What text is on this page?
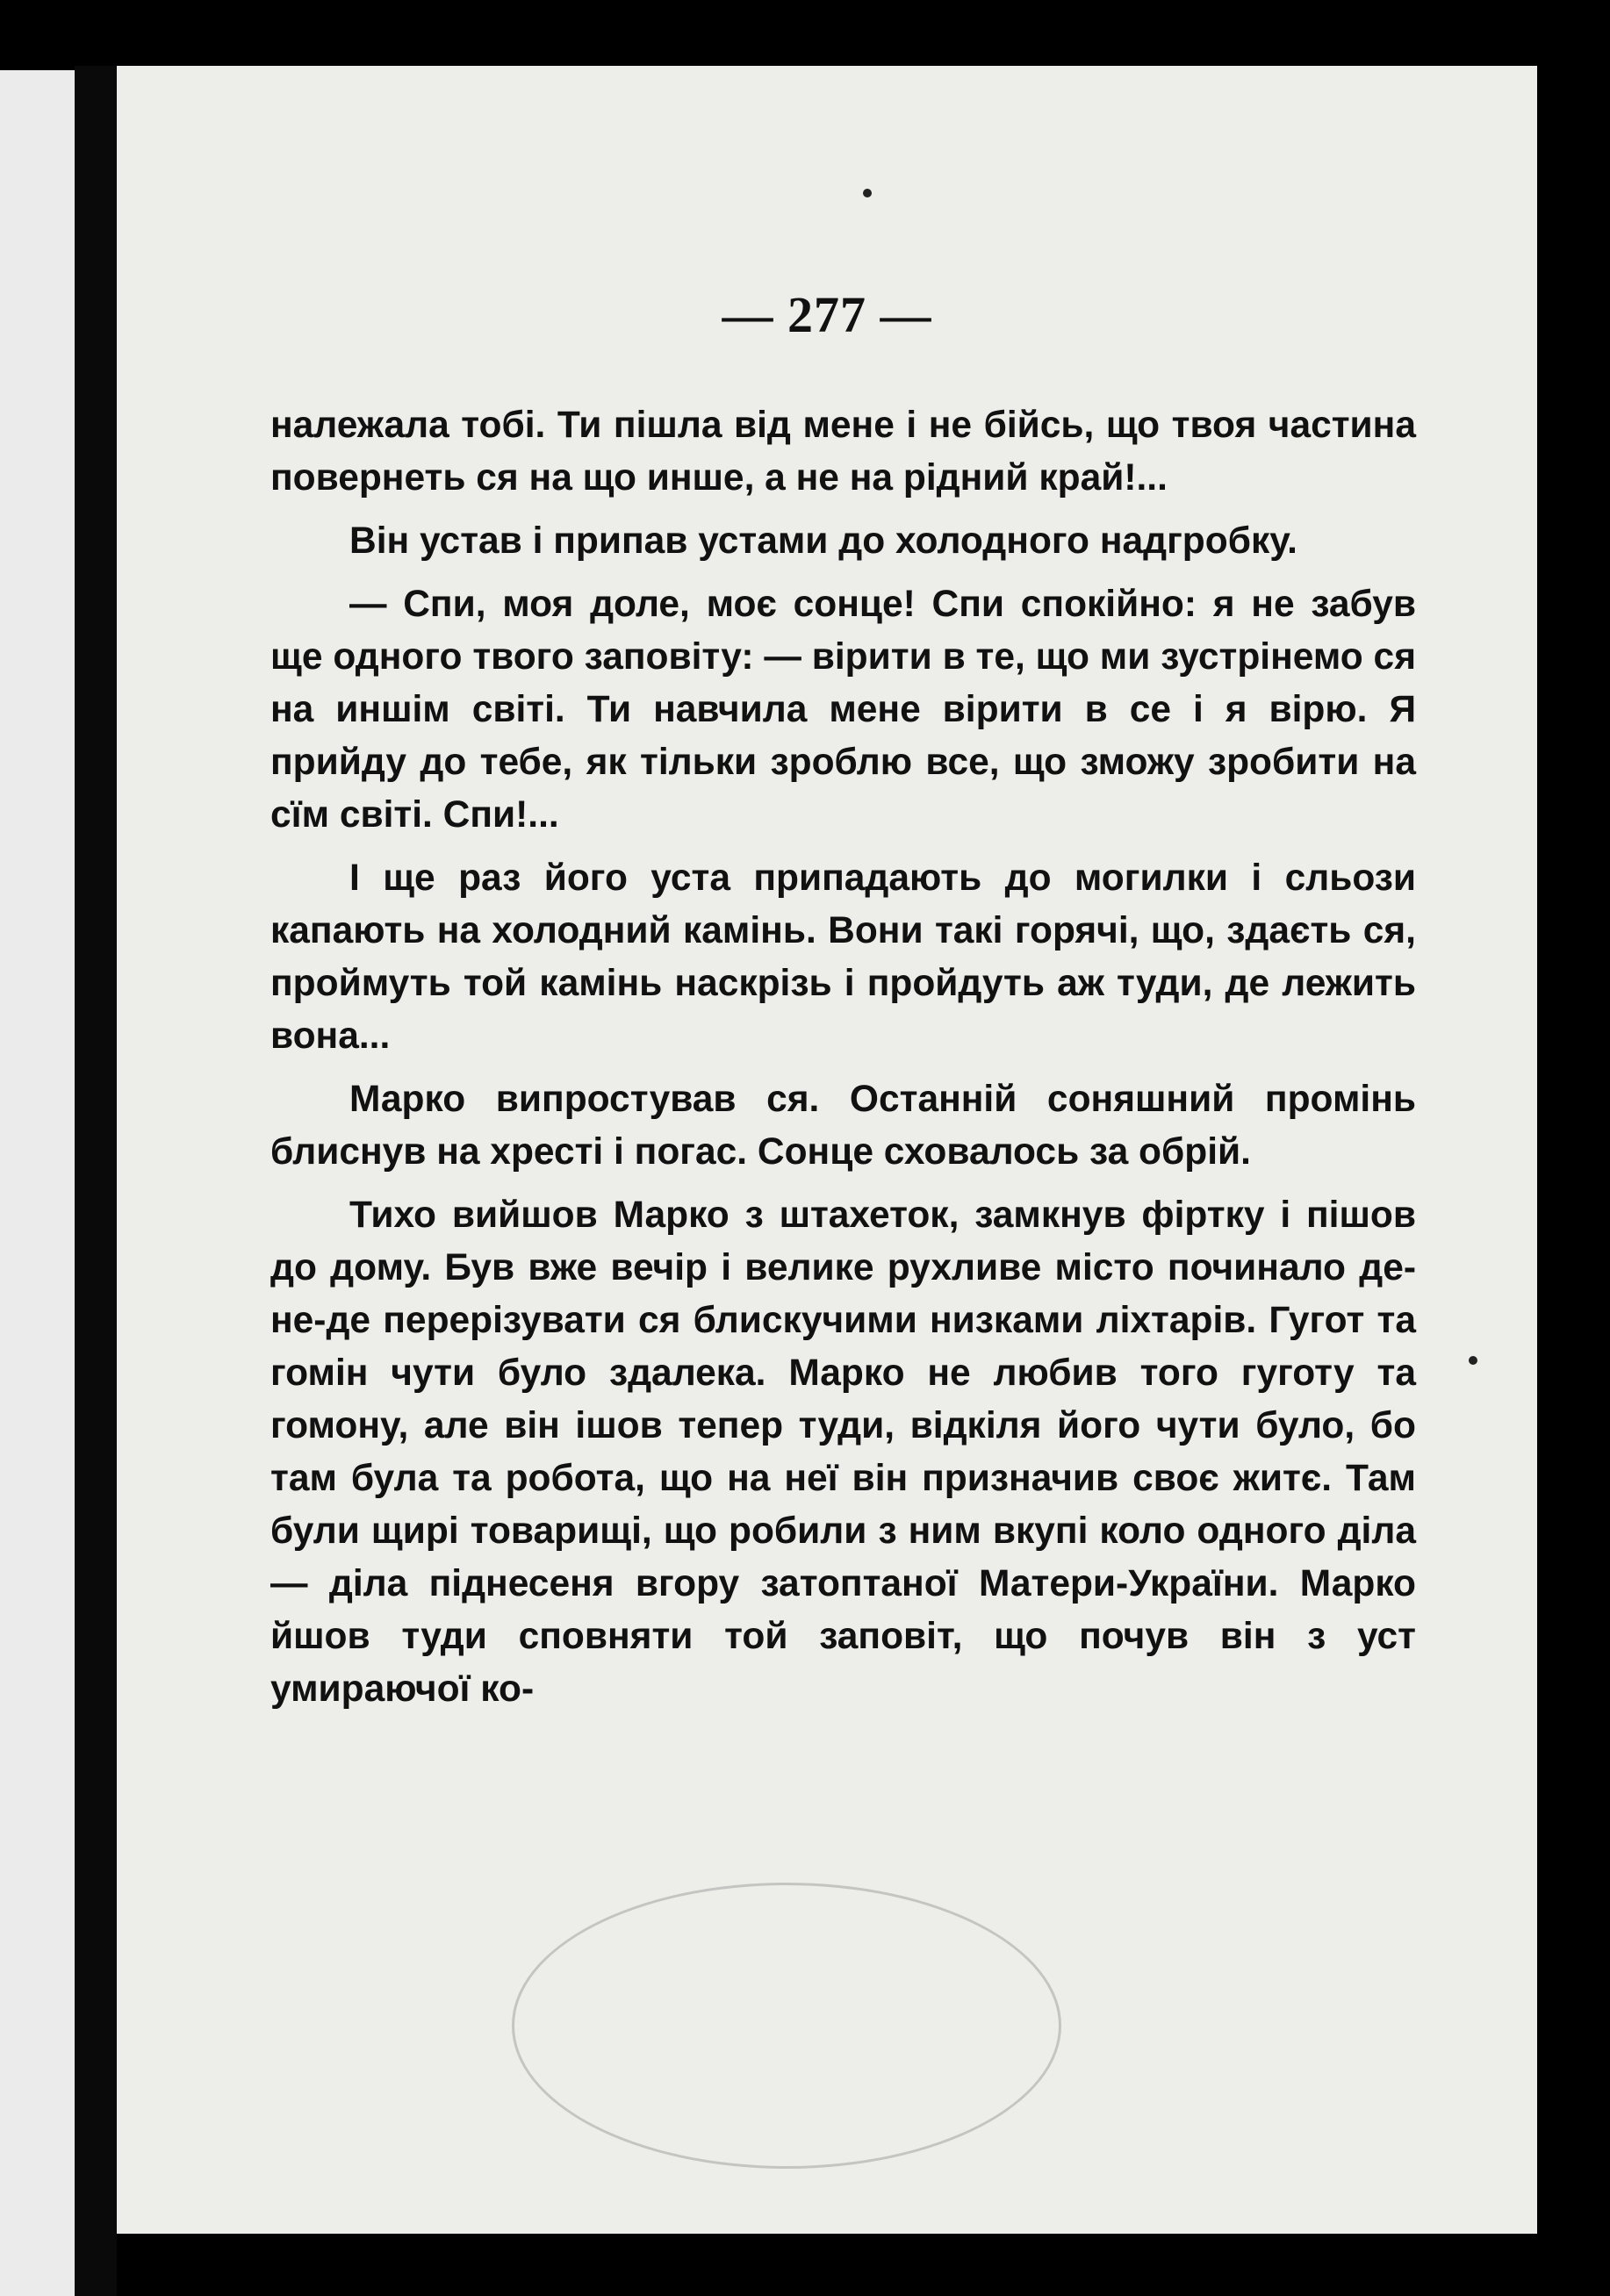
— 277 —

належала тобі. Ти пішла від мене і не бійсь, що твоя частина повернеть ся на що инше, а не на рідний край!...

Він устав і припав устами до холодного надгробку.

— Спи, моя доле, моє сонце! Спи спокійно: я не забув ще одного твого заповіту: — вірити в те, що ми зустрінемо ся на иншім світі. Ти навчила мене вірити в се і я вірю. Я прийду до тебе, як тільки зроблю все, що зможу зробити на сїм світі. Спи!...

І ще раз його уста припадають до могилки і сльози капають на холодний камінь. Вони такі горячі, що, здаєть ся, проймуть той камінь наскрізь і пройдуть аж туди, де лежить вона...

Марко випростував ся. Останній соняшний промінь блиснув на хресті і погас. Сонце сховалось за обрій.

Тихо вийшов Марко з штахеток, замкнув фіртку і пішов до дому. Був вже вечір і велике рухливе місто починало де-не-де перерізувати ся блискучими низками ліхтарів. Гугот та гомін чути було здалека. Марко не любив того гуготу та гомону, але він ішов тепер туди, відкіля його чути було, бо там була та робота, що на неї він призначив своє житє. Там були щирі товарищі, що робили з ним вкупі коло одного діла — діла піднесеня вгору затоптаної Матери-України. Марко йшов туди сповняти той заповіт, що почув він з уст умираючої ко-
